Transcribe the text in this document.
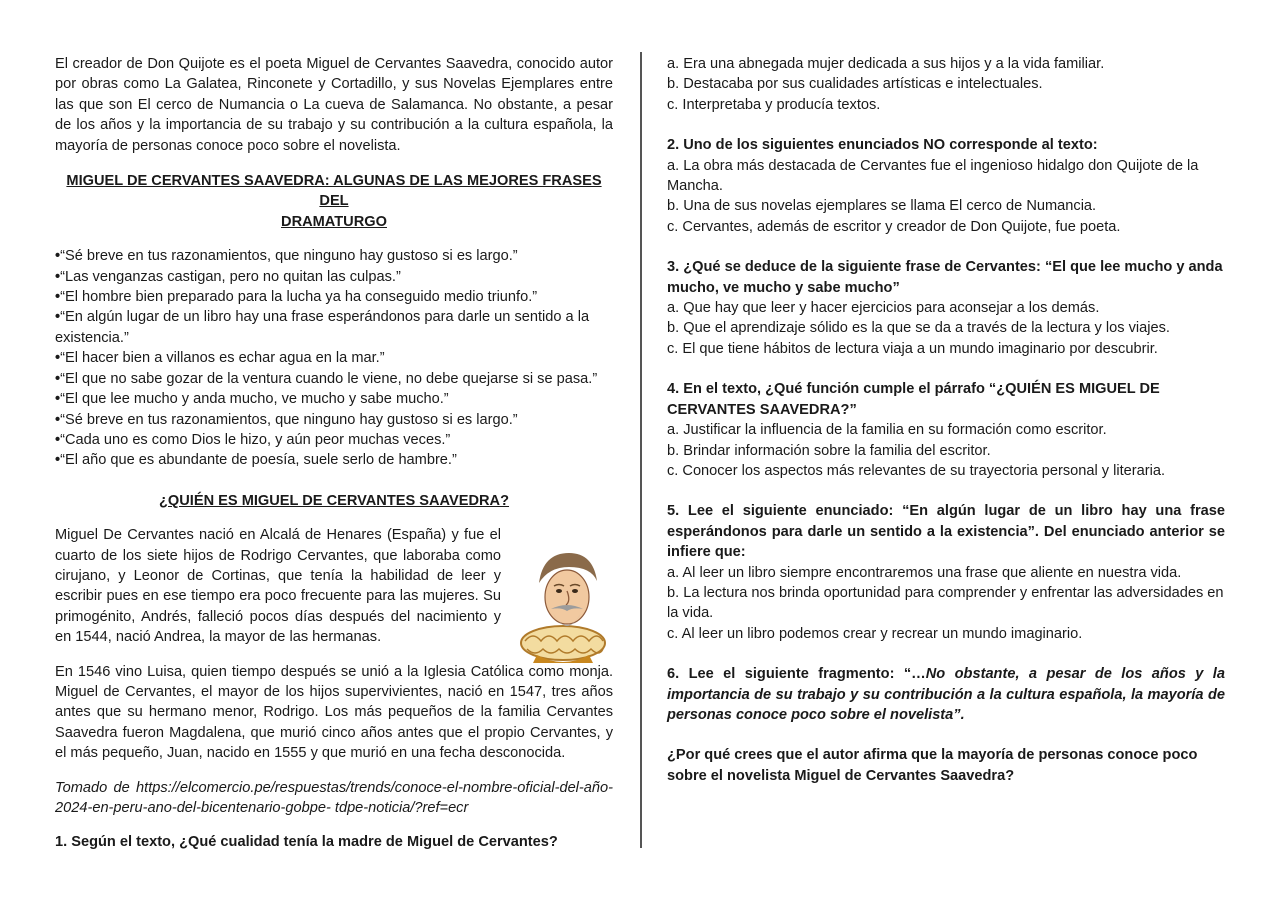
El creador de Don Quijote es el poeta Miguel de Cervantes Saavedra, conocido autor por obras como La Galatea, Rinconete y Cortadillo, y sus Novelas Ejemplares entre las que son El cerco de Numancia o La cueva de Salamanca. No obstante, a pesar de los años y la importancia de su trabajo y su contribución a la cultura española, la mayoría de personas conoce poco sobre el novelista.

MIGUEL DE CERVANTES SAAVEDRA: ALGUNAS DE LAS MEJORES FRASES DEL
DRAMATURGO
•“Sé breve en tus razonamientos, que ninguno hay gustoso si es largo.”
•“Las venganzas castigan, pero no quitan las culpas.”
•“El hombre bien preparado para la lucha ya ha conseguido medio triunfo.”
•“En algún lugar de un libro hay una frase esperándonos para darle un sentido a la existencia.”
•“El hacer bien a villanos es echar agua en la mar.”
•“El que no sabe gozar de la ventura cuando le viene, no debe quejarse si se pasa.”
•“El que lee mucho y anda mucho, ve mucho y sabe mucho.”
•“Sé breve en tus razonamientos, que ninguno hay gustoso si es largo.”
•“Cada uno es como Dios le hizo, y aún peor muchas veces.”
•“El año que es abundante de poesía, suele serlo de hambre.”
¿QUIÉN ES MIGUEL DE CERVANTES SAAVEDRA?

Miguel De Cervantes nació en Alcalá de Henares (España) y fue el cuarto de los siete hijos de Rodrigo Cervantes, que laboraba como cirujano, y Leonor de Cortinas, que tenía la habilidad de leer y escribir pues en ese tiempo era poco frecuente para las mujeres. Su primogénito, Andrés, falleció pocos días después del nacimiento y en 1544, nació Andrea, la mayor de las hermanas.

En 1546 vino Luisa, quien tiempo después se unió a la Iglesia Católica como monja. Miguel de Cervantes, el mayor de los hijos supervivientes, nació en 1547, tres años antes que su hermano menor, Rodrigo. Los más pequeños de la familia Cervantes Saavedra fueron Magdalena, que murió cinco años antes que el propio Cervantes, y el más pequeño, Juan, nacido en 1555 y que murió en una fecha desconocida.

Tomado de https://elcomercio.pe/respuestas/trends/conoce-el-nombre-oficial-del-año-2024-en-peru-ano-del-bicentenario-gobpe- tdpe-noticia/?ref=ecr

1. Según el texto, ¿Qué cualidad tenía la madre de Miguel de Cervantes?

a. Era una abnegada mujer dedicada a sus hijos y a la vida familiar.

b. Destacaba por sus cualidades artísticas e intelectuales.

c. Interpretaba y producía textos.

2. Uno de los siguientes enunciados NO corresponde al texto:

a. La obra más destacada de Cervantes fue el ingenioso hidalgo don Quijote de la Mancha.

b. Una de sus novelas ejemplares se llama El cerco de Numancia.

c. Cervantes, además de escritor y creador de Don Quijote, fue poeta.

3. ¿Qué se deduce de la siguiente frase de Cervantes: “El que lee mucho y anda mucho, ve mucho y sabe mucho”

a. Que hay que leer y hacer ejercicios para aconsejar a los demás.

b. Que el aprendizaje sólido es la que se da a través de la lectura y los viajes.

c. El que tiene hábitos de lectura viaja a un mundo imaginario por descubrir.

4. En el texto, ¿Qué función cumple el párrafo “¿QUIÉN ES MIGUEL DE CERVANTES SAAVEDRA?”

a. Justificar la influencia de la familia en su formación como escritor.

b. Brindar información sobre la familia del escritor.

c. Conocer los aspectos más relevantes de su trayectoria personal y literaria.

5. Lee el siguiente enunciado: “En algún lugar de un libro hay una frase esperándonos para darle un sentido a la existencia”. Del enunciado anterior se infiere que:

a. Al leer un libro siempre encontraremos una frase que aliente en nuestra vida.

b. La lectura nos brinda oportunidad para comprender y enfrentar las adversidades en la vida.

c. Al leer un libro podemos crear y recrear un mundo imaginario.

6. Lee el siguiente fragmento: “…No obstante, a pesar de los años y la importancia de su trabajo y su contribución a la cultura española, la mayoría de personas conoce poco sobre el novelista”.

¿Por qué crees que el autor afirma que la mayoría de personas conoce poco sobre el novelista Miguel de Cervantes Saavedra?
